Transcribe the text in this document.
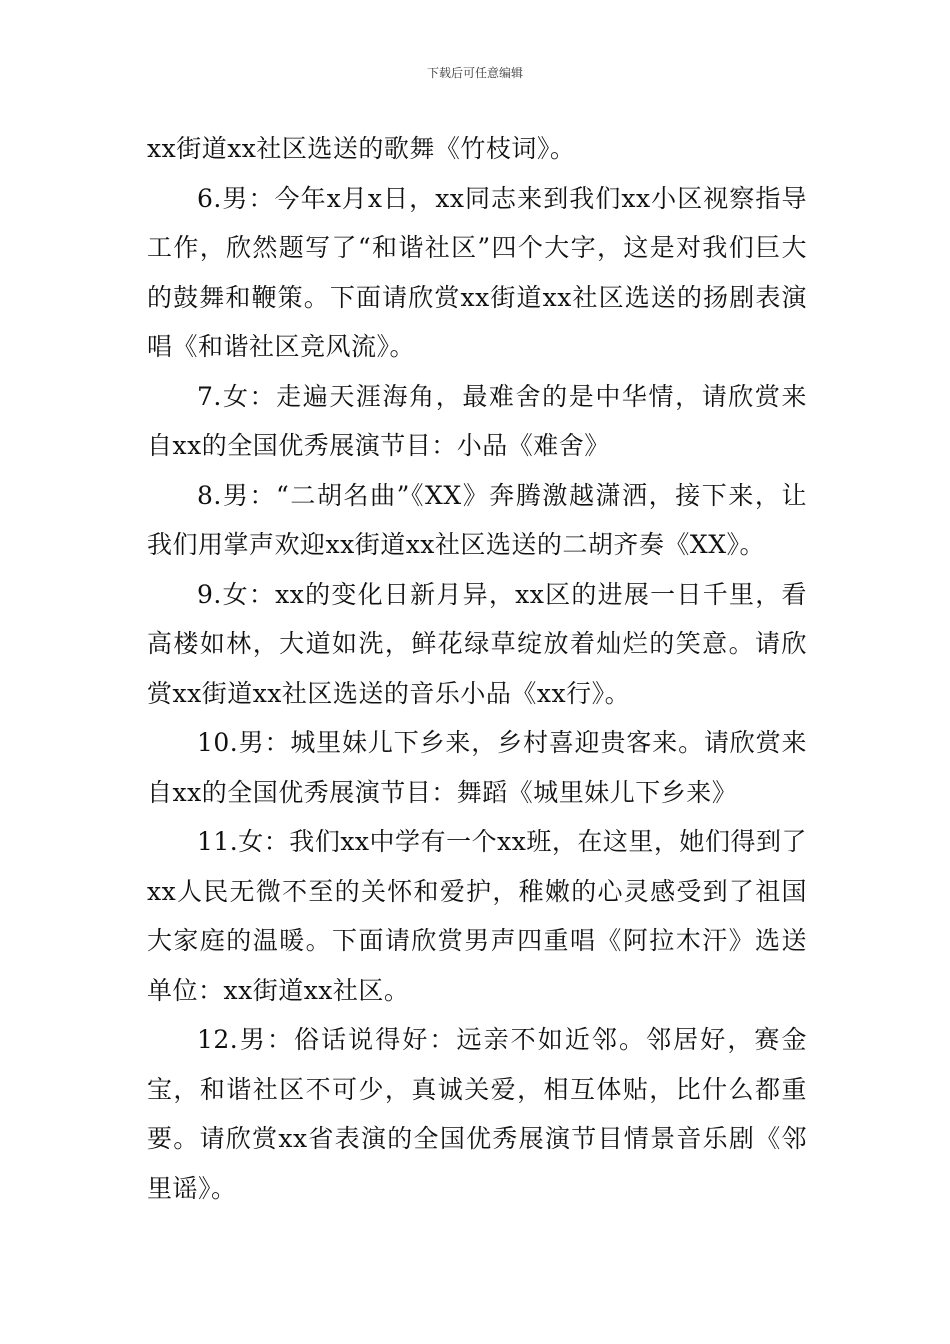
下载后可任意编辑

xx街道xx社区选送的歌舞《竹枝词》。

6.男：今年x月x日，xx同志来到我们xx小区视察指导工作，欣然题写了“和谐社区”四个大字，这是对我们巨大的鼓舞和鞭策。下面请欣赏xx街道xx社区选送的扬剧表演唱《和谐社区竞风流》。

7.女：走遍天涯海角，最难舍的是中华情，请欣赏来自xx的全国优秀展演节目：小品《难舍》

8.男：“二胡名曲”《XX》奔腾激越潇洒，接下来，让我们用掌声欢迎xx街道xx社区选送的二胡齐奏《XX》。

9.女：xx的变化日新月异，xx区的进展一日千里，看高楼如林，大道如洗，鲜花绿草绽放着灿烂的笑意。请欣赏xx街道xx社区选送的音乐小品《xx行》。

10.男：城里妹儿下乡来，乡村喜迎贵客来。请欣赏来自xx的全国优秀展演节目：舞蹈《城里妹儿下乡来》

11.女：我们xx中学有一个xx班，在这里，她们得到了xx人民无微不至的关怀和爱护，稚嫩的心灵感受到了祖国大家庭的温暖。下面请欣赏男声四重唱《阿拉木汗》选送单位：xx街道xx社区。

12.男：俗话说得好：远亲不如近邻。邻居好，赛金宝，和谐社区不可少，真诚关爱，相互体贴，比什么都重要。请欣赏xx省表演的全国优秀展演节目情景音乐剧《邻里谣》。
